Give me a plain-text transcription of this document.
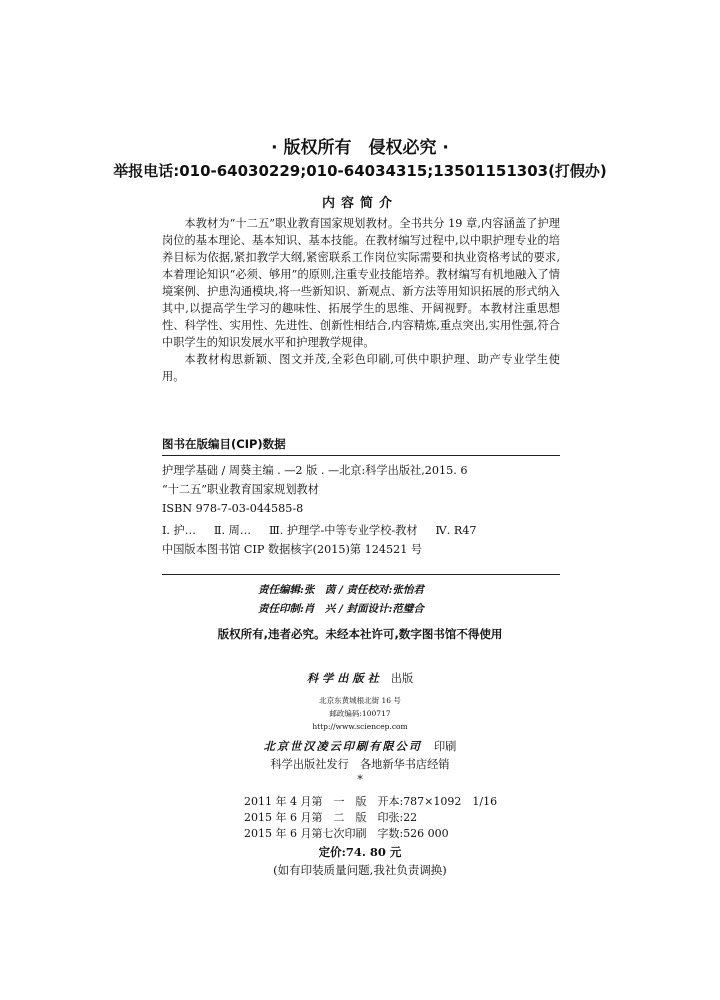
· 版权所有　侵权必究 ·
举报电话:010-64030229;010-64034315;13501151303(打假办)
内容简介

本教材为“十二五”职业教育国家规划教材。全书共分 19 章,内容涵盖了护理岗位的基本理论、基本知识、基本技能。在教材编写过程中,以中职护理专业的培养目标为依据,紧扣教学大纲,紧密联系工作岗位实际需要和执业资格考试的要求,本着理论知识“必须、够用”的原则,注重专业技能培养。教材编写有机地融入了情境案例、护患沟通模块,将一些新知识、新观点、新方法等用知识拓展的形式纳入其中,以提高学生学习的趣味性、拓展学生的思维、开阔视野。本教材注重思想性、科学性、实用性、先进性、创新性相结合,内容精炼,重点突出,实用性强,符合中职学生的知识发展水平和护理教学规律。

本教材构思新颖、图文并茂,全彩色印刷,可供中职护理、助产专业学生使用。

图书在版编目(CIP)数据
护理学基础 / 周葵主编 . —2 版 . —北京:科学出版社,2015. 6
“十二五”职业教育国家规划教材
ISBN 978-7-03-044585-8
Ⅰ. 护… Ⅱ. 周… Ⅲ. 护理学-中等专业学校-教材 Ⅳ. R47
中国版本图书馆 CIP 数据核字(2015)第 124521 号
责任编辑:张　茵 / 责任校对:张怡君
责任印制:肖　兴 / 封面设计:范璧合
版权所有,违者必究。未经本社许可,数字图书馆不得使用
科学出版社 出版
北京东黄城根北街 16 号
邮政编码:100717
http://www.sciencep.com
北京世汉凌云印刷有限公司 印刷
科学出版社发行　各地新华书店经销
*
2011 年 4 月第　一　版　开本:787×1092　1/16
2015 年 6 月第　二　版　印张:22
2015 年 6 月第七次印刷　字数:526 000
定价:74. 80 元
(如有印装质量问题,我社负责调换)
